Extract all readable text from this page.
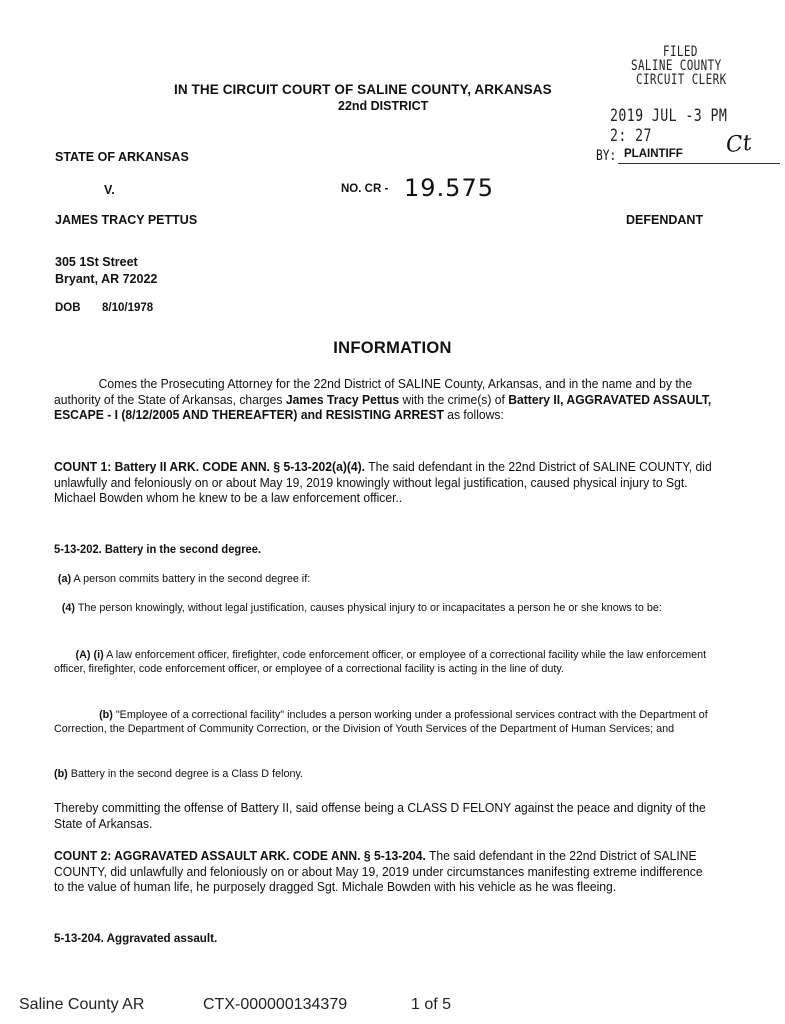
IN THE CIRCUIT COURT OF SALINE COUNTY, ARKANSAS
22nd DISTRICT
FILED
SALINE COUNTY
CIRCUIT CLERK
2019 JUL -3 PM 2: 27
BY: PLAINTIFF Ct
STATE OF ARKANSAS
V.	NO. CR - 19.575
JAMES TRACY PETTUS	DEFENDANT
305 1St Street
Bryant, AR 72022
DOB 8/10/1978
INFORMATION
Comes the Prosecuting Attorney for the 22nd District of SALINE County, Arkansas, and in the name and by the authority of the State of Arkansas, charges James Tracy Pettus with the crime(s) of Battery II, AGGRAVATED ASSAULT, ESCAPE - I (8/12/2005 AND THEREAFTER) and RESISTING ARREST as follows:
COUNT 1: Battery II ARK. CODE ANN. § 5-13-202(a)(4). The said defendant in the 22nd District of SALINE COUNTY, did unlawfully and feloniously on or about May 19, 2019 knowingly without legal justification, caused physical injury to Sgt. Michael Bowden whom he knew to be a law enforcement officer..
5-13-202. Battery in the second degree.
(a) A person commits battery in the second degree if:
(4) The person knowingly, without legal justification, causes physical injury to or incapacitates a person he or she knows to be:
(A) (i) A law enforcement officer, firefighter, code enforcement officer, or employee of a correctional facility while the law enforcement officer, firefighter, code enforcement officer, or employee of a correctional facility is acting in the line of duty.
(b) "Employee of a correctional facility" includes a person working under a professional services contract with the Department of Correction, the Department of Community Correction, or the Division of Youth Services of the Department of Human Services; and
(b) Battery in the second degree is a Class D felony.
Thereby committing the offense of Battery II, said offense being a CLASS D FELONY against the peace and dignity of the State of Arkansas.
COUNT 2: AGGRAVATED ASSAULT ARK. CODE ANN. § 5-13-204. The said defendant in the 22nd District of SALINE COUNTY, did unlawfully and feloniously on or about May 19, 2019 under circumstances manifesting extreme indifference to the value of human life, he purposely dragged Sgt. Michale Bowden with his vehicle as he was fleeing.
5-13-204. Aggravated assault.
Saline County AR	CTX-000000134379	1 of 5
